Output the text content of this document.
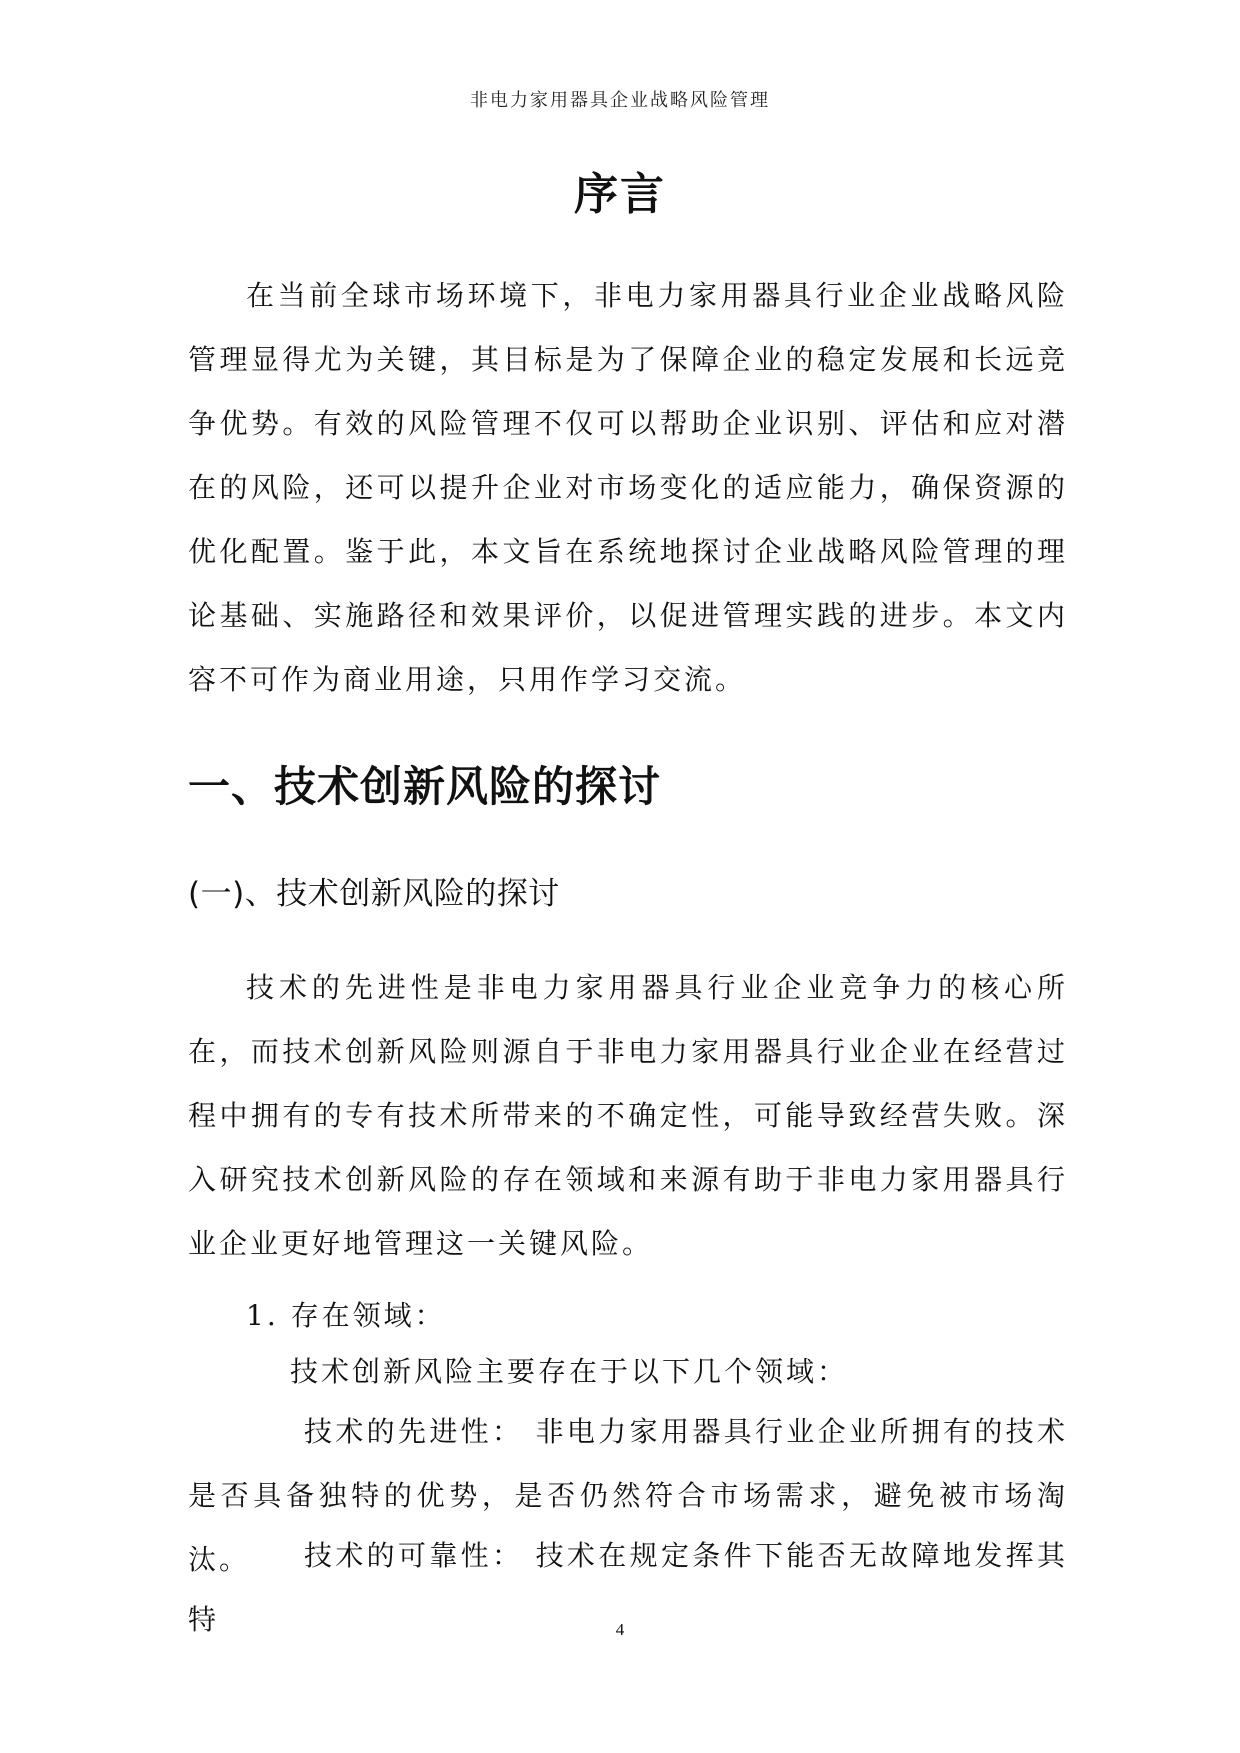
非电力家用器具企业战略风险管理
序言

在当前全球市场环境下，非电力家用器具行业企业战略风险管理显得尤为关键，其目标是为了保障企业的稳定发展和长远竞争优势。有效的风险管理不仅可以帮助企业识别、评估和应对潜在的风险，还可以提升企业对市场变化的适应能力，确保资源的优化配置。鉴于此，本文旨在系统地探讨企业战略风险管理的理论基础、实施路径和效果评价，以促进管理实践的进步。本文内容不可作为商业用途，只用作学习交流。

一、技术创新风险的探讨
(一)、技术创新风险的探讨

技术的先进性是非电力家用器具行业企业竞争力的核心所在，而技术创新风险则源自于非电力家用器具行业企业在经营过程中拥有的专有技术所带来的不确定性，可能导致经营失败。深入研究技术创新风险的存在领域和来源有助于非电力家用器具行业企业更好地管理这一关键风险。

1. 存在领域：

技术创新风险主要存在于以下几个领域：

技术的先进性： 非电力家用器具行业企业所拥有的技术是否具备独特的优势，是否仍然符合市场需求，避免被市场淘汰。	技术的可靠性： 技术在规定条件下能否无故障地发挥其特	4
